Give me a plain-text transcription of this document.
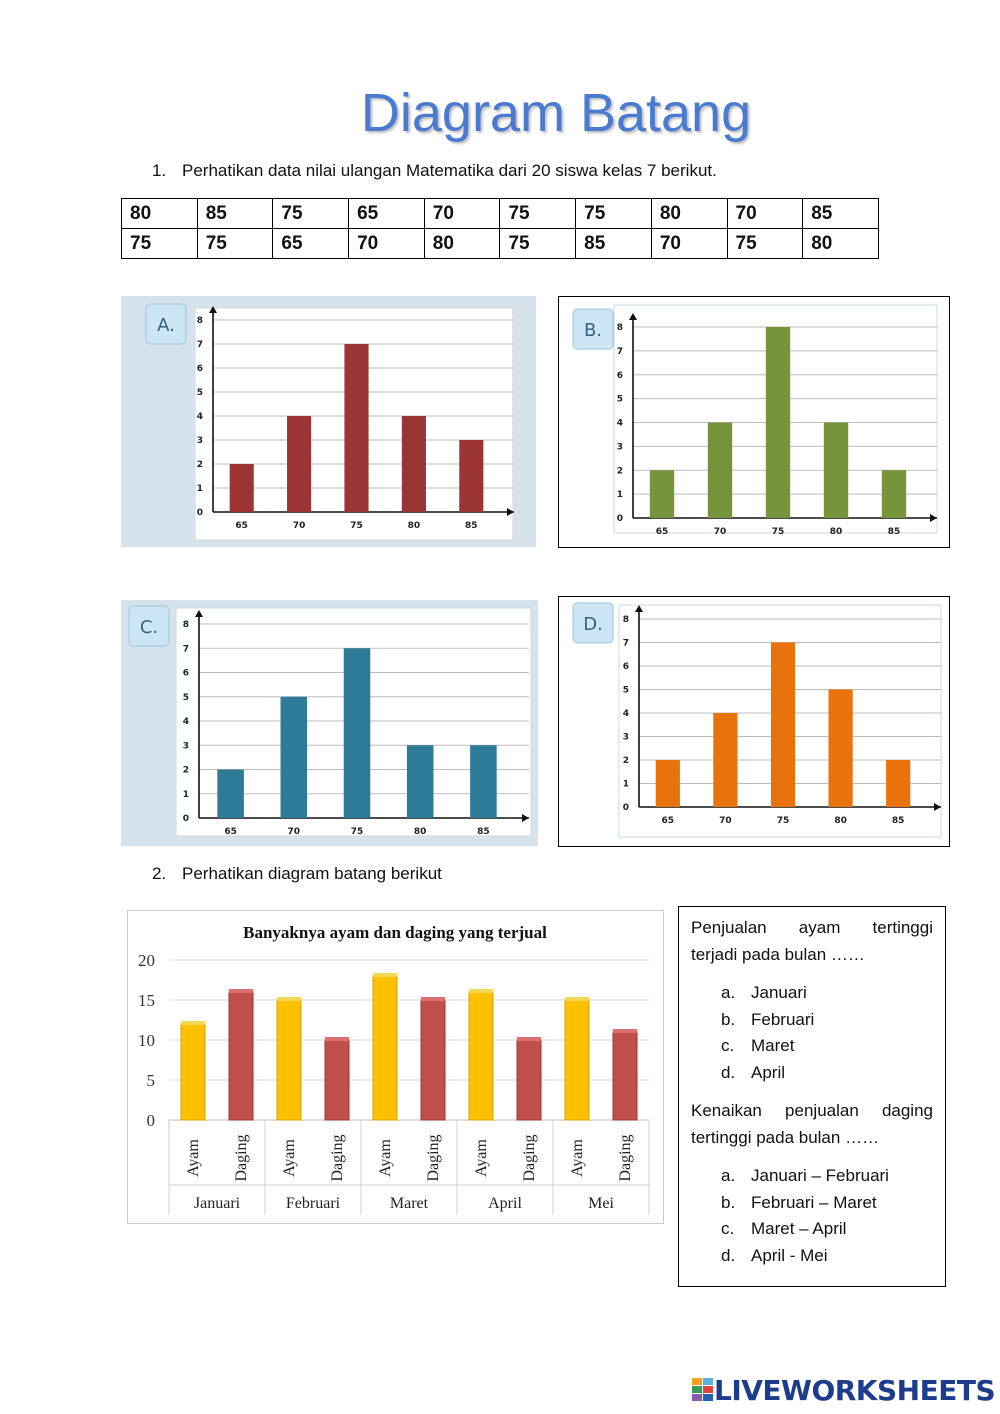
Diagram Batang
1. Perhatikan data nilai ulangan Matematika dari 20 siswa kelas 7 berikut.
80	85	75	65	70	75	75	80	70	85
75	75	65	70	80	75	85	70	75	80
0
1
2
3
4
5
6
7
8
65	70	75	80	85
A.
0
1
2
3
4
5
6
7
8
65	70	75	80	85
B.
0
1
2
3
4
5
6
7
8
65	70	75	80	85
C.
0
1
2
3
4
5
6
7
8
65	70	75	80	85
D.
2. Perhatikan diagram batang berikut
Banyaknya ayam dan daging yang terjual
0
5
10
15
20
Ayam Daging
Januari
Ayam Daging
Februari
Ayam Daging
Maret
Ayam Daging
April
Ayam Daging
Mei

Penjualan ayam tertinggi

terjadi pada bulan ……

a. Januari
b. Februari
c. Maret
d. April

Kenaikan penjualan daging

tertinggi pada bulan ……

a. Januari – Februari
b. Februari – Maret
c. Maret – April
d. April - Mei
LIVEWORKSHEETS
